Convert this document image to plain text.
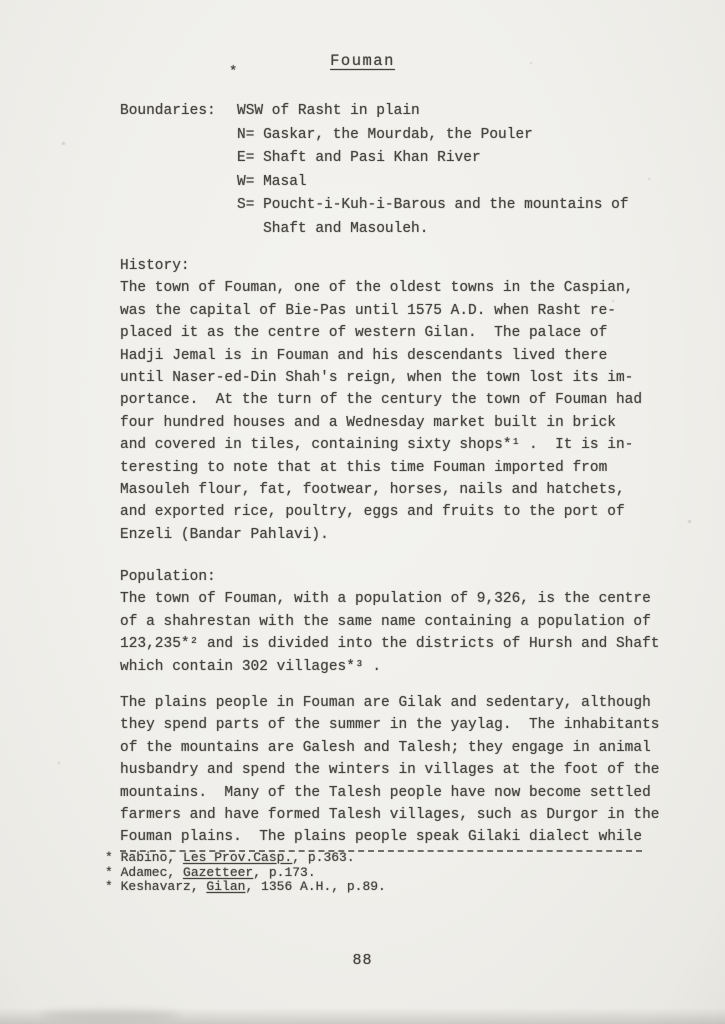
Fouman
*
Boundaries:	WSW of Rasht in plain
N= Gaskar, the Mourdab, the Pouler
E= Shaft and Pasi Khan River
W= Masal
S= Poucht-i-Kuh-i-Barous and the mountains of
Shaft and Masouleh.
History:
The town of Fouman, one of the oldest towns in the Caspian,
was the capital of Bie-Pas until 1575 A.D. when Rasht re-
placed it as the centre of western Gilan.  The palace of
Hadji Jemal is in Fouman and his descendants lived there
until Naser-ed-Din Shah's reign, when the town lost its im-
portance.  At the turn of the century the town of Fouman had
four hundred houses and a Wednesday market built in brick
and covered in tiles, containing sixty shops*¹ .  It is in-
teresting to note that at this time Fouman imported from
Masouleh flour, fat, footwear, horses, nails and hatchets,
and exported rice, poultry, eggs and fruits to the port of
Enzeli (Bandar Pahlavi).
Population:
The town of Fouman, with a population of 9,326, is the centre
of a shahrestan with the same name containing a population of
123,235*² and is divided into the districts of Hursh and Shaft
which contain 302 villages*³ .
The plains people in Fouman are Gilak and sedentary, although
they spend parts of the summer in the yaylag.  The inhabitants
of the mountains are Galesh and Talesh; they engage in animal
husbandry and spend the winters in villages at the foot of the
mountains.  Many of the Talesh people have now become settled
farmers and have formed Talesh villages, such as Durgor in the
Fouman plains.  The plains people speak Gilaki dialect while
* Rabino, Les Prov.Casp., p.363.
* Adamec, Gazetteer, p.173.
* Keshavarz, Gilan, 1356 A.H., p.89.
88
